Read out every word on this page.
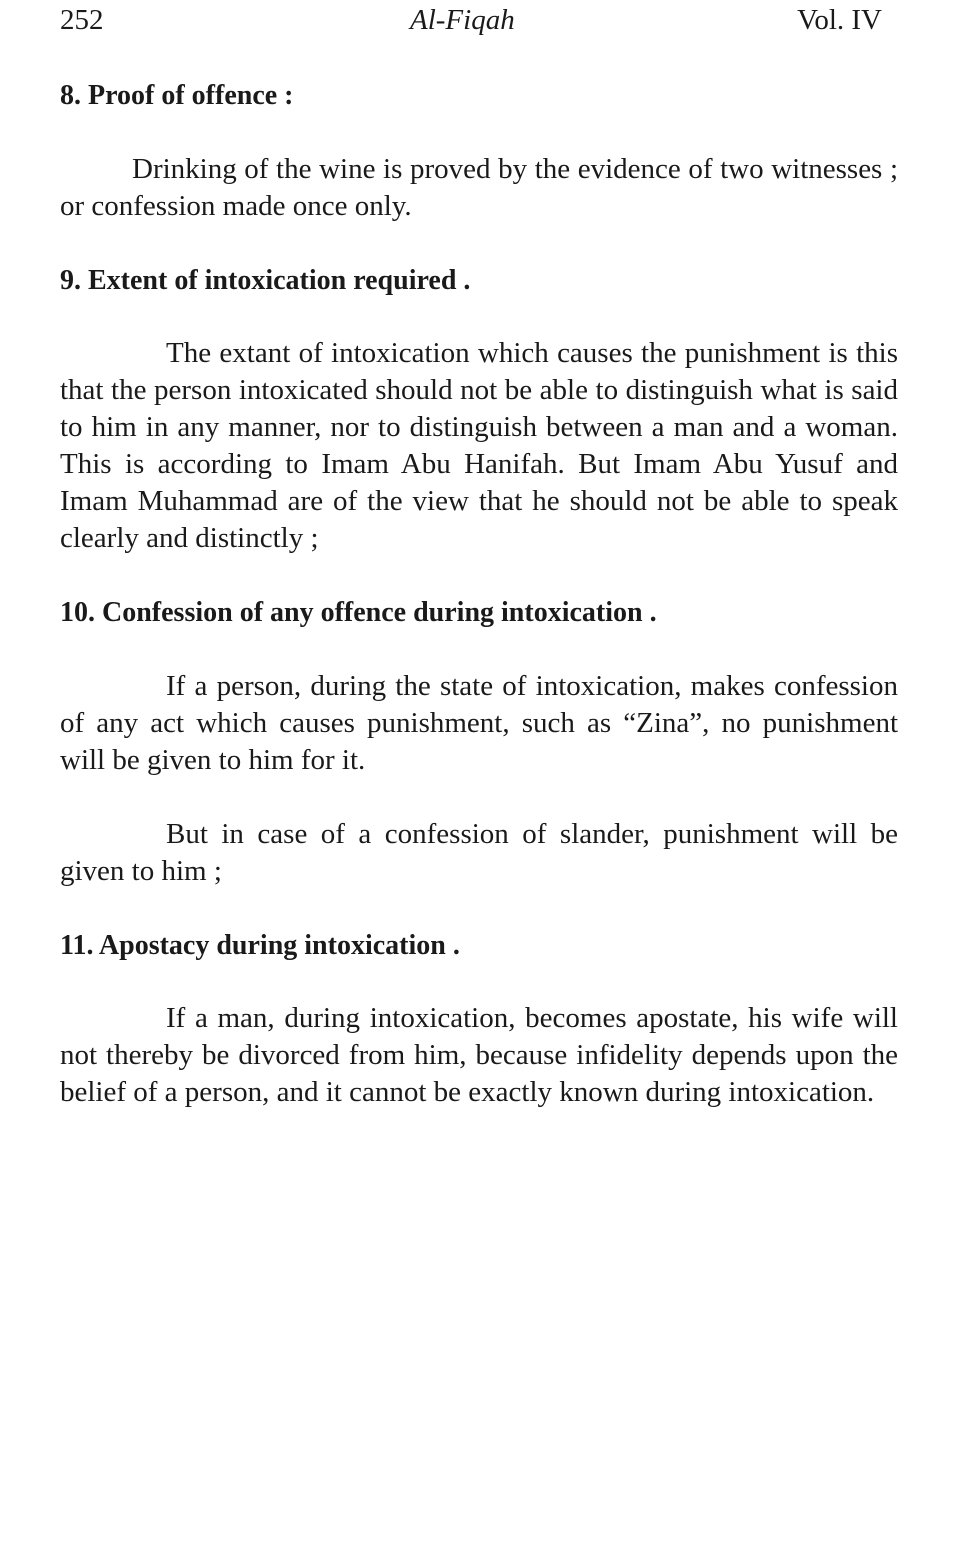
252	Al-Fiqah	Vol. IV
8. Proof of offence :

Drinking of the wine is proved by the evidence of two witnesses ; or confession made once only.

9. Extent of intoxication required .

The extant of intoxication which causes the punishment is this that the person intoxicated should not be able to distinguish what is said to him in any manner, nor to distinguish between a man and a woman. This is according to Imam Abu Hanifah. But Imam Abu Yusuf and Imam Muhammad are of the view that he should not be able to speak clearly and distinctly ;

10. Confession of any offence during intoxication .

If a person, during the state of intoxication, makes confession of any act which causes punishment, such as “Zina”, no punishment will be given to him for it.

But in case of a confession of slander, punishment will be given to him ;

11. Apostacy during intoxication .

If a man, during intoxication, becomes apostate, his wife will not thereby be divorced from him, because infidelity depends upon the belief of a person, and it cannot be exactly known during intoxication.
